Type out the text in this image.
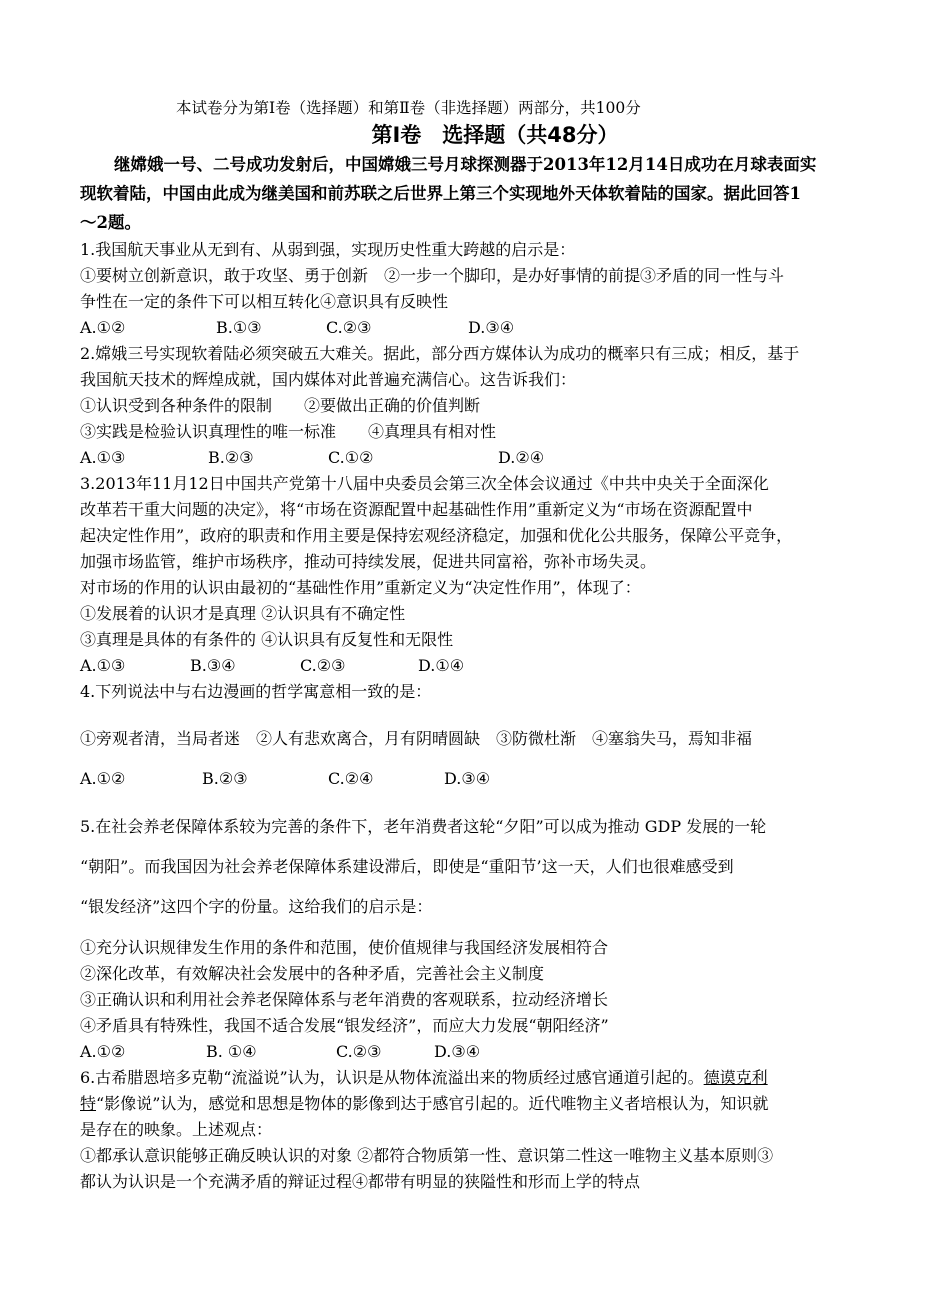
本试卷分为第Ⅰ卷（选择题）和第Ⅱ卷（非选择题）两部分，共100分
第Ⅰ卷　选择题（共48分）
继嫦娥一号、二号成功发射后，中国嫦娥三号月球探测器于2013年12月14日成功在月球表面实
现软着陆，中国由此成为继美国和前苏联之后世界上第三个实现地外天体软着陆的国家。据此回答1
～2题。
1.我国航天事业从无到有、从弱到强，实现历史性重大跨越的启示是：
①要树立创新意识，敢于攻坚、勇于创新　②一步一个脚印，是办好事情的前提③矛盾的同一性与斗
争性在一定的条件下可以相互转化④意识具有反映性
A.①②	B.①③	C.②③	D.③④
2.嫦娥三号实现软着陆必须突破五大难关。据此，部分西方媒体认为成功的概率只有三成；相反，基于
我国航天技术的辉煌成就，国内媒体对此普遍充满信心。这告诉我们：
①认识受到各种条件的限制　　②要做出正确的价值判断
③实践是检验认识真理性的唯一标准　　④真理具有相对性
A.①③	B.②③	C.①②	D.②④
3.2013年11月12日中国共产党第十八届中央委员会第三次全体会议通过《中共中央关于全面深化
改革若干重大问题的决定》，将“市场在资源配置中起基础性作用”重新定义为“市场在资源配置中
起决定性作用”，政府的职责和作用主要是保持宏观经济稳定，加强和优化公共服务，保障公平竞争，
加强市场监管，维护市场秩序，推动可持续发展，促进共同富裕，弥补市场失灵。
对市场的作用的认识由最初的“基础性作用”重新定义为“决定性作用”，体现了：
①发展着的认识才是真理 ②认识具有不确定性
③真理是具体的有条件的 ④认识具有反复性和无限性
A.①③	B.③④	C.②③	D.①④
4.下列说法中与右边漫画的哲学寓意相一致的是：
①旁观者清，当局者迷　②人有悲欢离合，月有阴晴圆缺　③防微杜渐　④塞翁失马，焉知非福
A.①②	B.②③	C.②④	D.③④
5.在社会养老保障体系较为完善的条件下，老年消费者这轮“夕阳”可以成为推动 GDP 发展的一轮
“朝阳”。而我国因为社会养老保障体系建设滞后，即使是“重阳节’这一天，人们也很难感受到
“银发经济”这四个字的份量。这给我们的启示是：
①充分认识规律发生作用的条件和范围，使价值规律与我国经济发展相符合
②深化改革，有效解决社会发展中的各种矛盾，完善社会主义制度
③正确认识和利用社会养老保障体系与老年消费的客观联系，拉动经济增长
④矛盾具有特殊性，我国不适合发展“银发经济”，而应大力发展“朝阳经济”
A.①②	B. ①④	C.②③	D.③④
6.古希腊恩培多克勒“流溢说”认为，认识是从物体流溢出来的物质经过感官通道引起的。德谟克利
特“影像说”认为，感觉和思想是物体的影像到达于感官引起的。近代唯物主义者培根认为，知识就
是存在的映象。上述观点：
①都承认意识能够正确反映认识的对象 ②都符合物质第一性、意识第二性这一唯物主义基本原则③
都认为认识是一个充满矛盾的辩证过程④都带有明显的狭隘性和形而上学的特点
